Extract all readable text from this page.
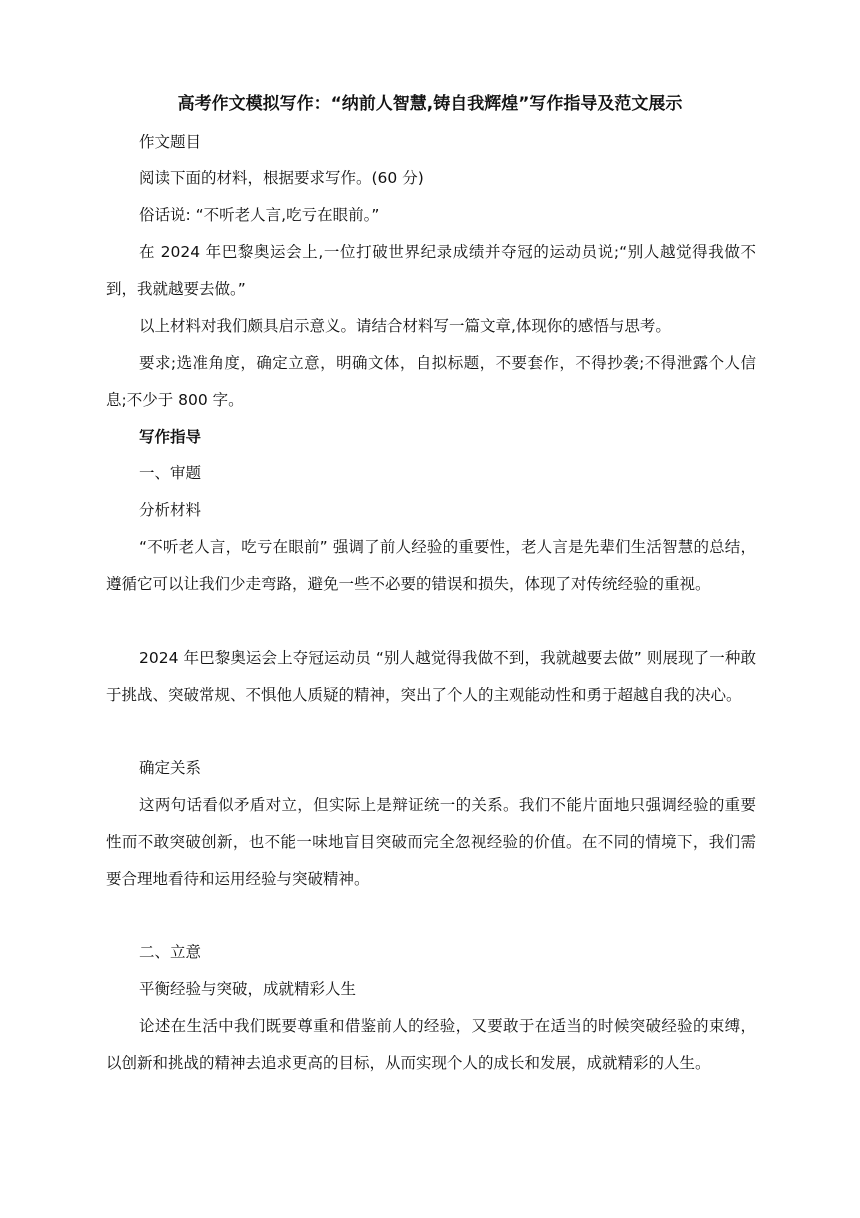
高考作文模拟写作：“纳前人智慧,铸自我辉煌”写作指导及范文展示

作文题目

阅读下面的材料，根据要求写作。(60 分)

俗话说: “不听老人言,吃亏在眼前。”

在 2024 年巴黎奥运会上,一位打破世界纪录成绩并夺冠的运动员说;“别人越觉得我做不到，我就越要去做。”

以上材料对我们颇具启示意义。请结合材料写一篇文章,体现你的感悟与思考。

要求;选准角度，确定立意，明确文体，自拟标题，不要套作，不得抄袭;不得泄露个人信息;不少于 800 字。

写作指导

一、审题

分析材料

“不听老人言，吃亏在眼前” 强调了前人经验的重要性，老人言是先辈们生活智慧的总结，遵循它可以让我们少走弯路，避免一些不必要的错误和损失，体现了对传统经验的重视。

2024 年巴黎奥运会上夺冠运动员 “别人越觉得我做不到，我就越要去做” 则展现了一种敢于挑战、突破常规、不惧他人质疑的精神，突出了个人的主观能动性和勇于超越自我的决心。

确定关系

这两句话看似矛盾对立，但实际上是辩证统一的关系。我们不能片面地只强调经验的重要性而不敢突破创新，也不能一味地盲目突破而完全忽视经验的价值。在不同的情境下，我们需要合理地看待和运用经验与突破精神。

二、立意

平衡经验与突破，成就精彩人生

论述在生活中我们既要尊重和借鉴前人的经验，又要敢于在适当的时候突破经验的束缚，以创新和挑战的精神去追求更高的目标，从而实现个人的成长和发展，成就精彩的人生。
